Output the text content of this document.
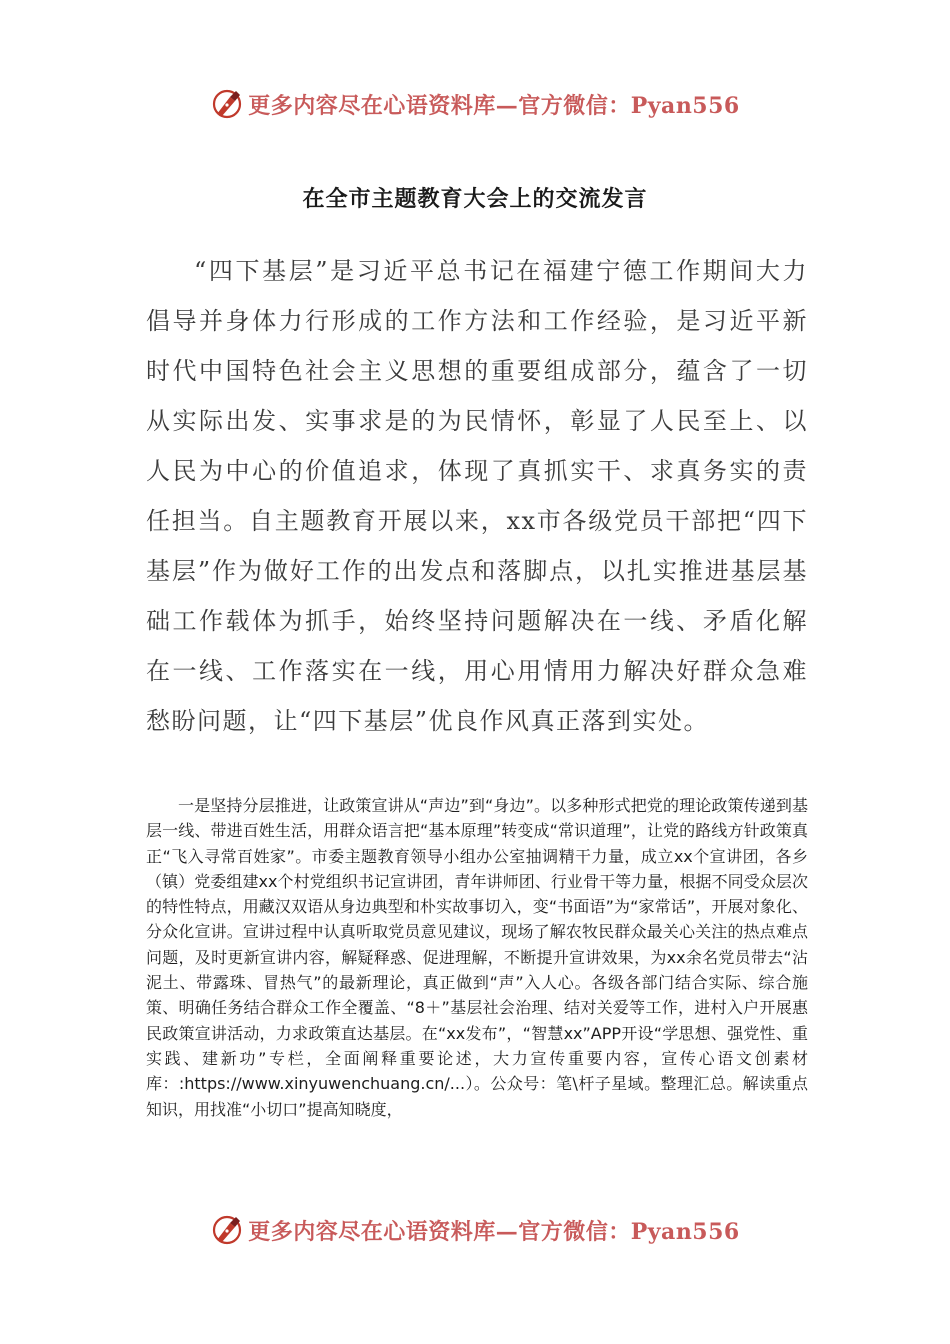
更多内容尽在心语资料库—官方微信：Pyan556
在全市主题教育大会上的交流发言

“四下基层”是习近平总书记在福建宁德工作期间大力倡导并身体力行形成的工作方法和工作经验，是习近平新时代中国特色社会主义思想的重要组成部分，蕴含了一切从实际出发、实事求是的为民情怀，彰显了人民至上、以人民为中心的价值追求，体现了真抓实干、求真务实的责任担当。自主题教育开展以来，xx市各级党员干部把“四下基层”作为做好工作的出发点和落脚点，以扎实推进基层基础工作载体为抓手，始终坚持问题解决在一线、矛盾化解在一线、工作落实在一线，用心用情用力解决好群众急难愁盼问题，让“四下基层”优良作风真正落到实处。

一是坚持分层推进，让政策宣讲从“声边”到“身边”。以多种形式把党的理论政策传递到基层一线、带进百姓生活，用群众语言把“基本原理”转变成“常识道理”，让党的路线方针政策真正“飞入寻常百姓家”。市委主题教育领导小组办公室抽调精干力量，成立xx个宣讲团，各乡（镇）党委组建xx个村党组织书记宣讲团，青年讲师团、行业骨干等力量，根据不同受众层次的特性特点，用藏汉双语从身边典型和朴实故事切入，变“书面语”为“家常话”，开展对象化、分众化宣讲。宣讲过程中认真听取党员意见建议，现场了解农牧民群众最关心关注的热点难点问题，及时更新宣讲内容，解疑释惑、促进理解，不断提升宣讲效果，为xx余名党员带去“沾泥土、带露珠、冒热气”的最新理论，真正做到“声”入人心。各级各部门结合实际、综合施策、明确任务结合群众工作全覆盖、“8＋”基层社会治理、结对关爱等工作，进村入户开展惠民政策宣讲活动，力求政策直达基层。在“xx发布”，“智慧xx”APP开设“学思想、强党性、重实践、建新功”专栏，全面阐释重要论述，大力宣传重要内容，宣传心语文创素材库：:https://www.xinyuwenchuang.cn/...）。公众号：笔\杆子星域。整理汇总。解读重点知识，用找准“小切口”提高知晓度，

更多内容尽在心语资料库—官方微信：Pyan556
